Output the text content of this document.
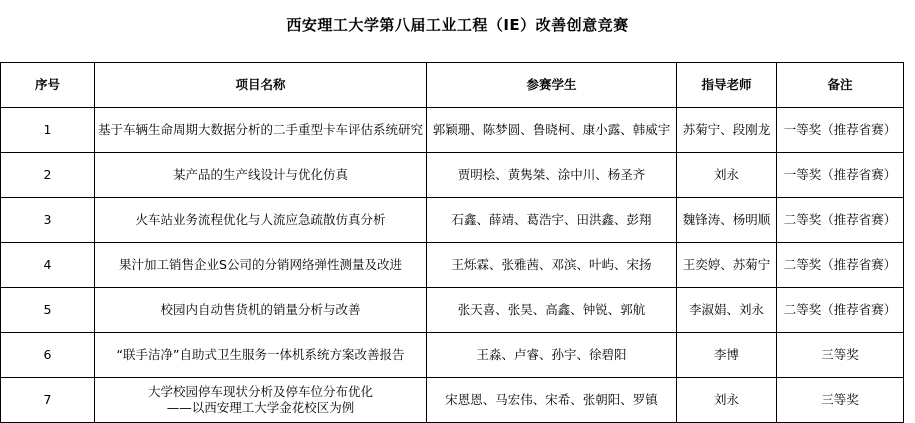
西安理工大学第八届工业工程（IE）改善创意竞赛
序号	项目名称	参赛学生	指导老师	备注
1	基于车辆生命周期大数据分析的二手重型卡车评估系统研究	郭颖珊、陈梦圆、鲁晓柯、康小露、韩威宇	苏菊宁、段刚龙	一等奖（推荐省赛）
2	某产品的生产线设计与优化仿真	贾明桧、黄隽桀、涂中川、杨圣齐	刘永	一等奖（推荐省赛）
3	火车站业务流程优化与人流应急疏散仿真分析	石鑫、薛靖、葛浩宇、田洪鑫、彭翔	魏锋涛、杨明顺	二等奖（推荐省赛）
4	果汁加工销售企业S公司的分销网络弹性测量及改进	王烁霖、张雅茜、邓滨、叶屿、宋扬	王奕婷、苏菊宁	二等奖（推荐省赛）
5	校园内自动售货机的销量分析与改善	张天喜、张昊、高鑫、钟锐、郭航	李淑娟、刘永	二等奖（推荐省赛）
6	“联手洁净”自助式卫生服务一体机系统方案改善报告	王淼、卢睿、孙宇、徐碧阳	李博	三等奖
7	大学校园停车现状分析及停车位分布优化
——以西安理工大学金花校区为例	宋恩恩、马宏伟、宋希、张朝阳、罗镇	刘永	三等奖
